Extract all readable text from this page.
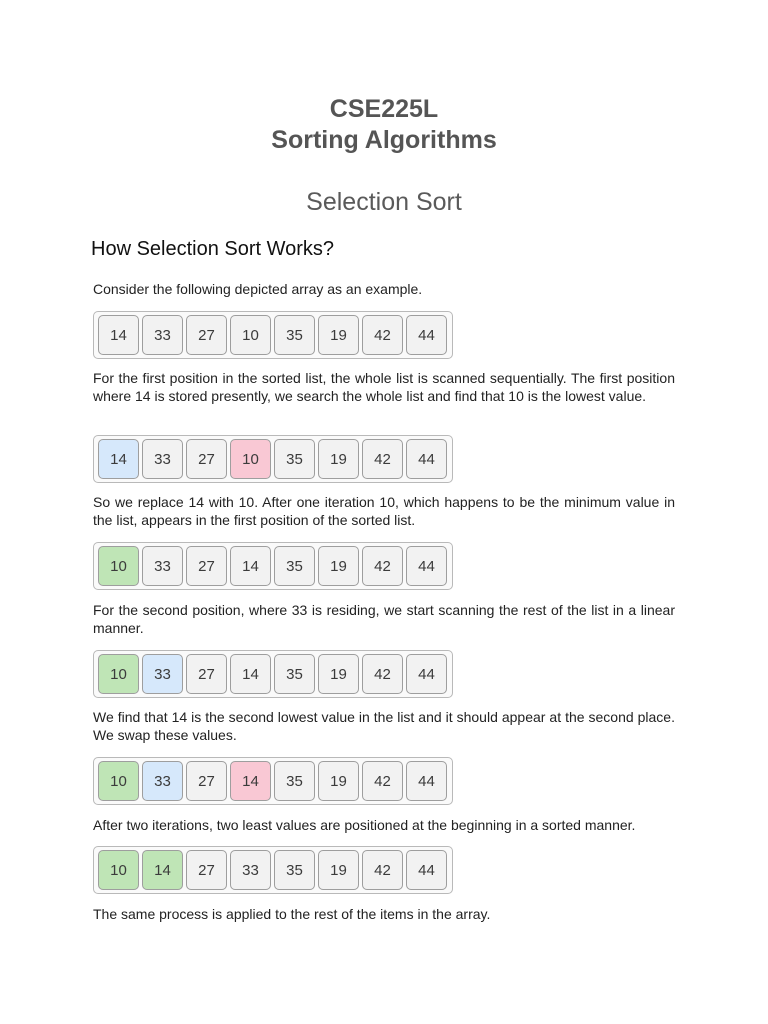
CSE225L
Sorting Algorithms
Selection Sort
How Selection Sort Works?
Consider the following depicted array as an example.
14	33	27	10	35	19	42	44
For the first position in the sorted list, the whole list is scanned sequentially. The first position where 14 is stored presently, we search the whole list and find that 10 is the lowest value.
14	33	27	10	35	19	42	44
So we replace 14 with 10. After one iteration 10, which happens to be the minimum value in the list, appears in the first position of the sorted list.
10	33	27	14	35	19	42	44
For the second position, where 33 is residing, we start scanning the rest of the list in a linear manner.
10	33	27	14	35	19	42	44
We find that 14 is the second lowest value in the list and it should appear at the second place. We swap these values.
10	33	27	14	35	19	42	44
After two iterations, two least values are positioned at the beginning in a sorted manner.
10	14	27	33	35	19	42	44
The same process is applied to the rest of the items in the array.
